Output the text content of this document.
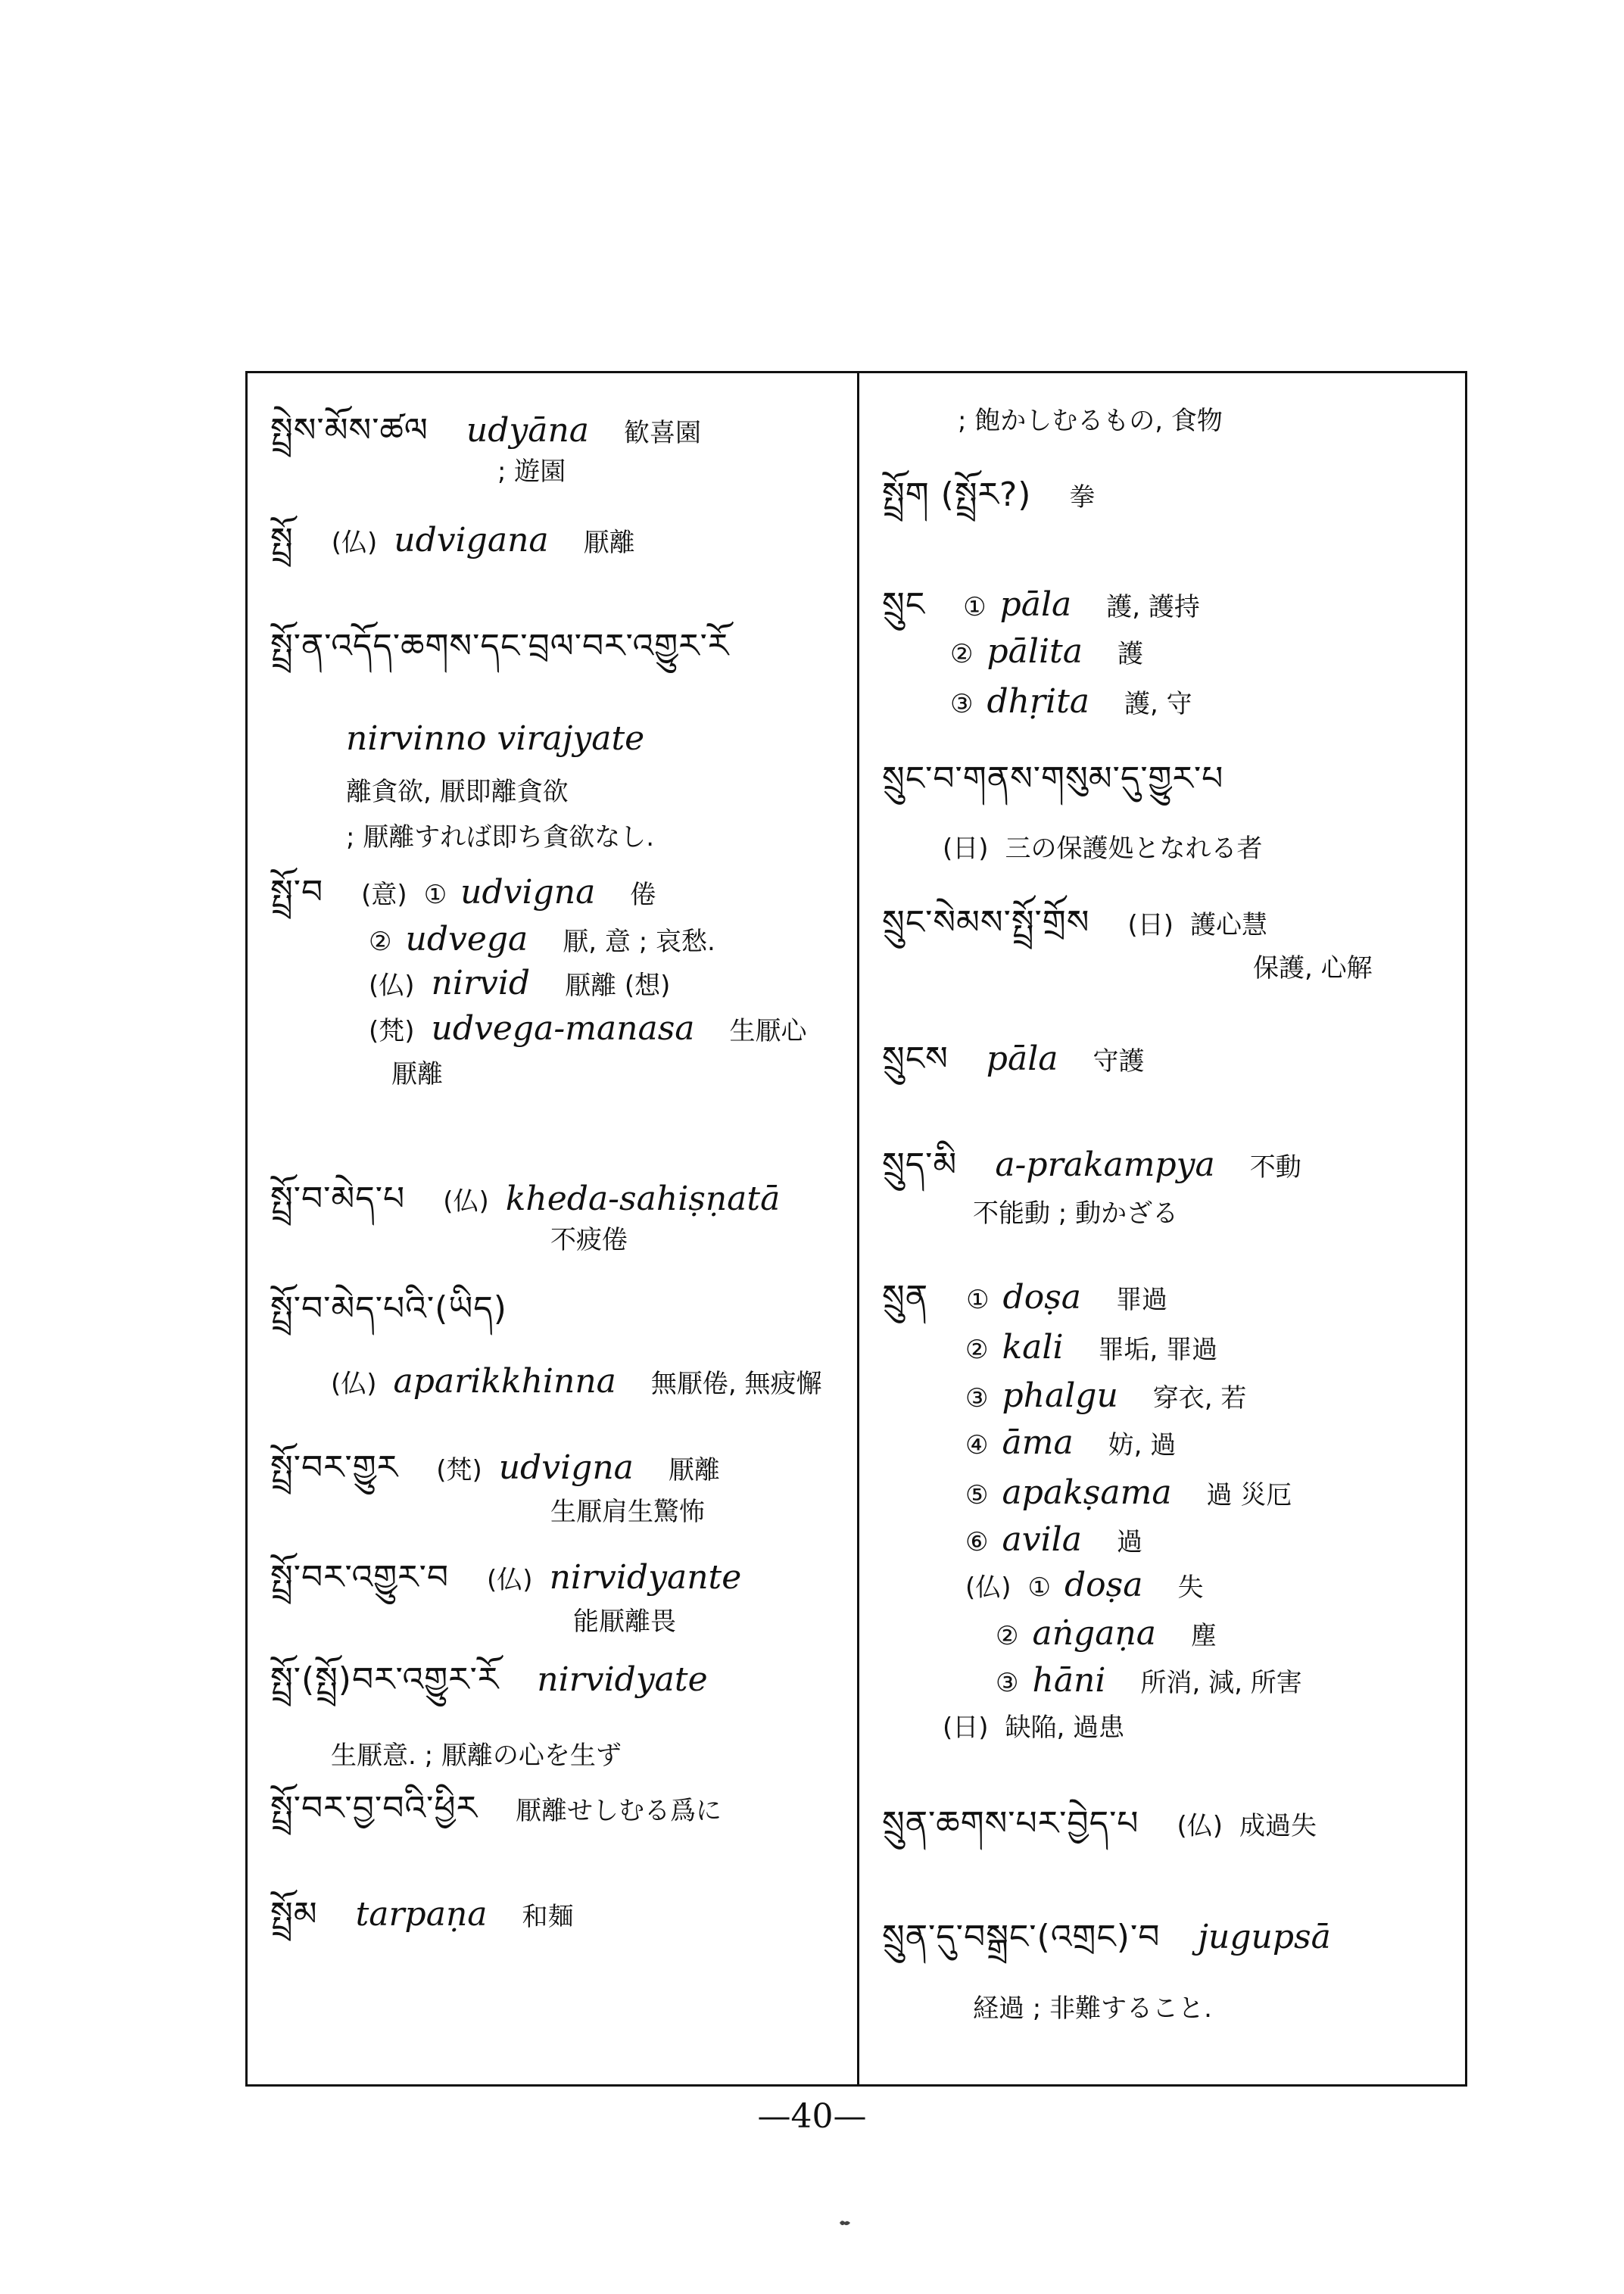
སྤྲེས་མོས་ཚལ udyāna 歓喜園
; 遊園
སྤྲོ (仏) udvigana 厭離
སྤྲོ་ན་འདོད་ཆགས་དང་བྲལ་བར་འགྱུར་རོ
nirvinno virajyate
離貪欲, 厭即離貪欲
; 厭離すれば即ち貪欲なし.
སྤྲོ་བ (意) ① udvigna 倦
② udvega 厭, 意 ; 哀愁.
(仏) nirvid 厭離 (想)
(梵) udvega-manasa 生厭心
厭離
སྤྲོ་བ་མེད་པ (仏) kheda-sahiṣṇatā
不疲倦
སྤྲོ་བ་མེད་པའི་(ཡིད)
(仏) aparikkhinna 無厭倦, 無疲懈
སྤྲོ་བར་གྱུར (梵) udvigna 厭離
生厭肩生驚怖
སྤྲོ་བར་འགྱུར་བ (仏) nirvidyante
能厭離畏
སྤྲོ་(སྤྲོ)བར་འགྱུར་རོ nirvidyate
生厭意. ; 厭離の心を生ず
སྤྲོ་བར་བྱ་བའི་ཕྱིར 厭離せしむる爲に
སྤྲོམ tarpaṇa 和麺
; 飽かしむるもの, 食物
སྤྲོག (སྤྲོར?) 拳
སྲུང ① pāla 護, 護持
② pālita 護
③ dhṛita 護, 守
སྲུང་བ་གནས་གསུམ་དུ་གྱུར་པ
(日) 三の保護処となれる者
སྲུང་སེམས་སྤྲོ་གྲོས (日) 護心慧
保護, 心解
སྲུངས pāla 守護
སྲུད་མི a-prakampya 不動
不能動 ; 動かざる
སྲུན ① doṣa 罪過
② kali 罪垢, 罪過
③ phalgu 穿衣, 若
④ āma 妨, 過
⑤ apakṣama 過 災厄
⑥ avila 過
(仏) ① doṣa 失
② aṅgaṇa 塵
③ hāni 所消, 減, 所害
(日) 缺陥, 過患
སྲུན་ཆགས་པར་བྱེད་པ (仏) 成過失
སྲུན་དུ་བསྒྲང་(འགྲང)་བ jugupsā
経過 ; 非難すること.
—40—
